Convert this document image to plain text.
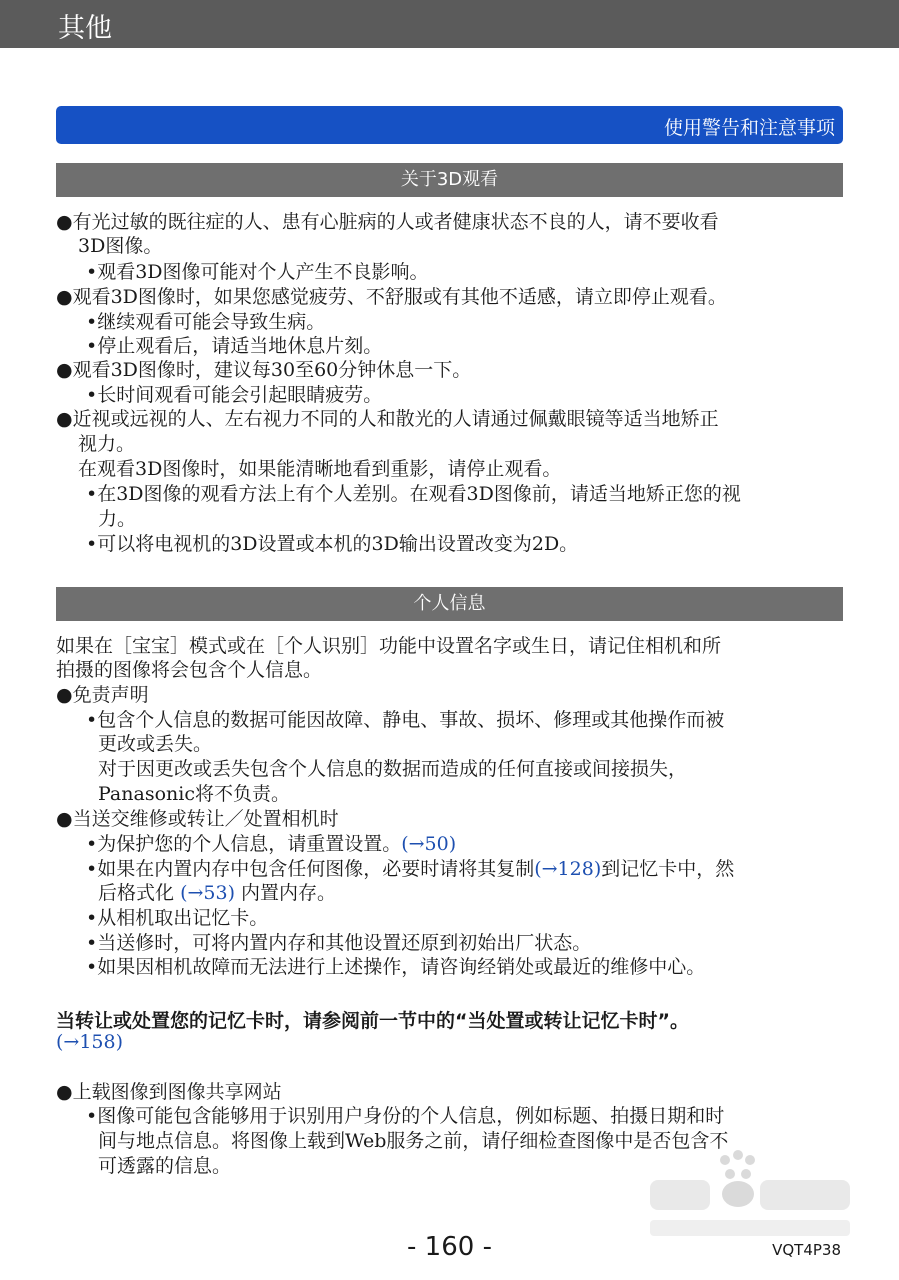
其他
使用警告和注意事项
关于3D观看
●有光过敏的既往症的人、患有心脏病的人或者健康状态不良的人，请不要收看
3D图像。
•观看3D图像可能对个人产生不良影响。
●观看3D图像时，如果您感觉疲劳、不舒服或有其他不适感，请立即停止观看。
•继续观看可能会导致生病。
•停止观看后，请适当地休息片刻。
●观看3D图像时，建议每30至60分钟休息一下。
•长时间观看可能会引起眼睛疲劳。
●近视或远视的人、左右视力不同的人和散光的人请通过佩戴眼镜等适当地矫正
视力。
在观看3D图像时，如果能清晰地看到重影，请停止观看。
•在3D图像的观看方法上有个人差别。在观看3D图像前，请适当地矫正您的视
力。
•可以将电视机的3D设置或本机的3D输出设置改变为2D。
个人信息
如果在［宝宝］模式或在［个人识别］功能中设置名字或生日，请记住相机和所
拍摄的图像将会包含个人信息。
●免责声明
•包含个人信息的数据可能因故障、静电、事故、损坏、修理或其他操作而被
更改或丢失。
对于因更改或丢失包含个人信息的数据而造成的任何直接或间接损失，
Panasonic将不负责。
●当送交维修或转让／处置相机时
•为保护您的个人信息，请重置设置。(→50)
•如果在内置内存中包含任何图像，必要时请将其复制(→128)到记忆卡中，然
后格式化 (→53) 内置内存。
•从相机取出记忆卡。
•当送修时，可将内置内存和其他设置还原到初始出厂状态。
•如果因相机故障而无法进行上述操作，请咨询经销处或最近的维修中心。
当转让或处置您的记忆卡时，请参阅前一节中的“当处置或转让记忆卡时”。
(→158)
●上载图像到图像共享网站
•图像可能包含能够用于识别用户身份的个人信息，例如标题、拍摄日期和时
间与地点信息。将图像上载到Web服务之前，请仔细检查图像中是否包含不
可透露的信息。
- 160 -	VQT4P38
